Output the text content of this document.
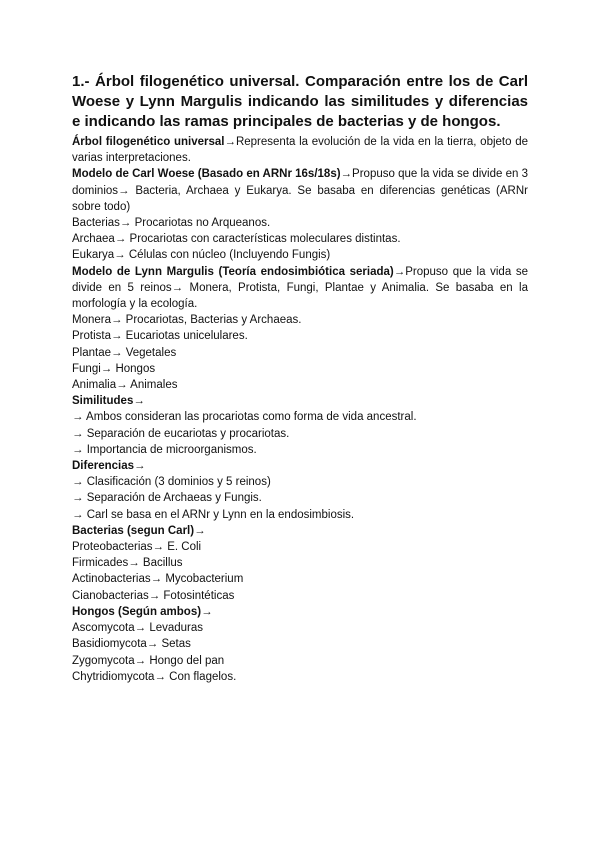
1.- Árbol filogenético universal. Comparación entre los de Carl Woese y Lynn Margulis indicando las similitudes y diferencias e indicando las ramas principales de bacterias y de hongos.

Árbol filogenético universal→Representa la evolución de la vida en la tierra, objeto de varias interpretaciones.

Modelo de Carl Woese (Basado en ARNr 16s/18s)→Propuso que la vida se divide en 3 dominios→ Bacteria, Archaea y Eukarya. Se basaba en diferencias genéticas (ARNr sobre todo)

Bacterias→ Procariotas no Arqueanos.

Archaea→ Procariotas con características moleculares distintas.

Eukarya→ Células con núcleo (Incluyendo Fungis)

Modelo de Lynn Margulis (Teoría endosimbiótica seriada)→Propuso que la vida se divide en 5 reinos→ Monera, Protista, Fungi, Plantae y Animalia. Se basaba en la morfología y la ecología.

Monera→ Procariotas, Bacterias y Archaeas.

Protista→ Eucariotas unicelulares.

Plantae→ Vegetales

Fungi→ Hongos

Animalia→ Animales

Similitudes→

→ Ambos consideran las procariotas como forma de vida ancestral.

→ Separación de eucariotas y procariotas.

→ Importancia de microorganismos.

Diferencias→

→ Clasificación (3 dominios y 5 reinos)

→ Separación de Archaeas y Fungis.

→ Carl se basa en el ARNr y Lynn en la endosimbiosis.

Bacterias (segun Carl)→

Proteobacterias→ E. Coli

Firmicades→ Bacillus

Actinobacterias→ Mycobacterium

Cianobacterias→ Fotosintéticas

Hongos (Según ambos)→

Ascomycota→ Levaduras

Basidiomycota→ Setas

Zygomycota→ Hongo del pan

Chytridiomycota→ Con flagelos.
